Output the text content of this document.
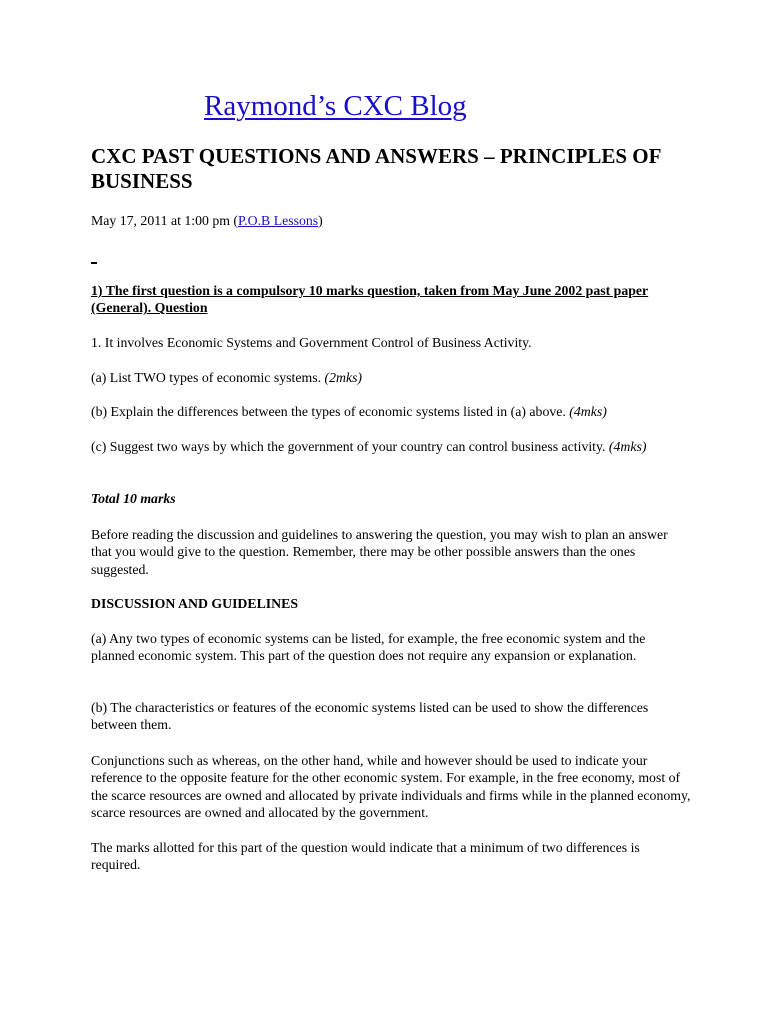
Raymond’s CXC Blog
CXC PAST QUESTIONS AND ANSWERS – PRINCIPLES OF BUSINESS

May 17, 2011 at 1:00 pm (P.O.B Lessons)

1) The first question is a compulsory 10 marks question, taken from May June 2002 past paper (General). Question

1. It involves Economic Systems and Government Control of Business Activity.

(a) List TWO types of economic systems. (2mks)

(b) Explain the differences between the types of economic systems listed in (a) above. (4mks)

(c) Suggest two ways by which the government of your country can control business activity. (4mks)

Total 10 marks

Before reading the discussion and guidelines to answering the question, you may wish to plan an answer that you would give to the question. Remember, there may be other possible answers than the ones suggested.

DISCUSSION AND GUIDELINES

(a) Any two types of economic systems can be listed, for example, the free economic system and the planned economic system. This part of the question does not require any expansion or explanation.

(b) The characteristics or features of the economic systems listed can be used to show the differences between them.

Conjunctions such as whereas, on the other hand, while and however should be used to indicate your reference to the opposite feature for the other economic system. For example, in the free economy, most of the scarce resources are owned and allocated by private individuals and firms while in the planned economy, scarce resources are owned and allocated by the government.

The marks allotted for this part of the question would indicate that a minimum of two differences is required.
